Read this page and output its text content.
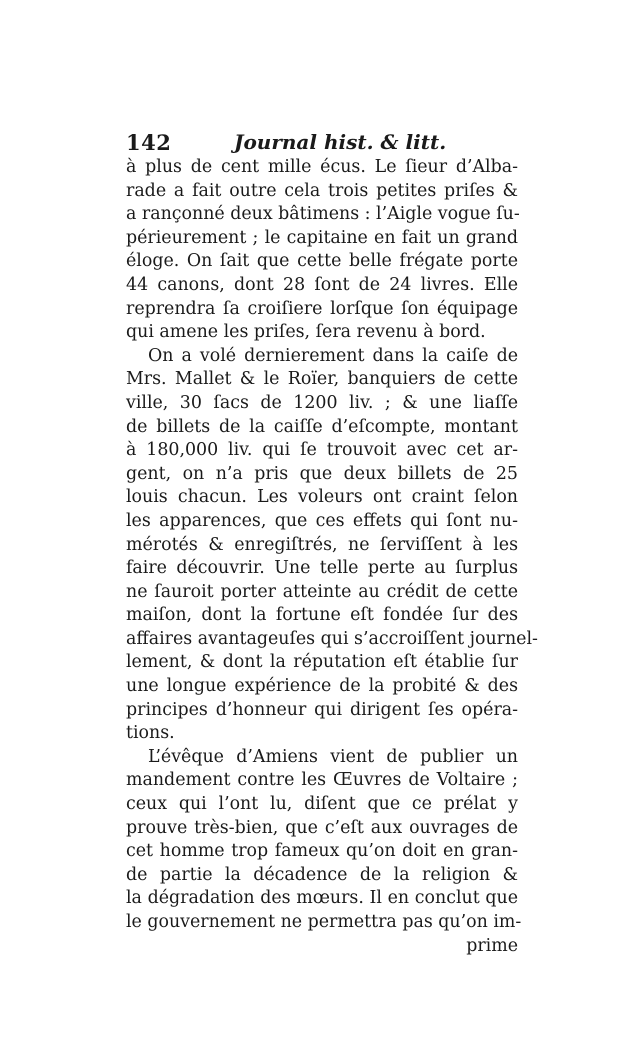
142	Journal hist. & litt.
à plus de cent mille écus. Le ſieur d’Alba-
rade a fait outre cela trois petites priſes &
a rançonné deux bâtimens : l’Aigle vogue ſu-
périeurement ; le capitaine en fait un grand
éloge. On ſait que cette belle frégate porte
44 canons, dont 28 ſont de 24 livres. Elle
reprendra ſa croiſiere lorſque ſon équipage
qui amene les priſes, ſera revenu à bord.
On a volé dernierement dans la caiſe de
Mrs. Mallet & le Roïer, banquiers de cette
ville, 30 ſacs de 1200 liv. ; & une liaſſe
de billets de la caiſſe d’eſcompte, montant
à 180,000 liv. qui ſe trouvoit avec cet ar-
gent, on n’a pris que deux billets de 25
louis chacun. Les voleurs ont craint ſelon
les apparences, que ces effets qui ſont nu-
mérotés & enregiſtrés, ne ſerviſſent à les
faire découvrir. Une telle perte au ſurplus
ne ſauroit porter atteinte au crédit de cette
maiſon, dont la fortune eſt fondée ſur des
affaires avantageuſes qui s’accroiſſent journel-
lement, & dont la réputation eſt établie ſur
une longue expérience de la probité & des
principes d’honneur qui dirigent ſes opéra-
tions.
L’évêque d’Amiens vient de publier un
mandement contre les Œuvres de Voltaire ;
ceux qui l’ont lu, diſent que ce prélat y
prouve très-bien, que c’eſt aux ouvrages de
cet homme trop fameux qu’on doit en gran-
de partie la décadence de la religion &
la dégradation des mœurs. Il en conclut que
le gouvernement ne permettra pas qu’on im-
prime
